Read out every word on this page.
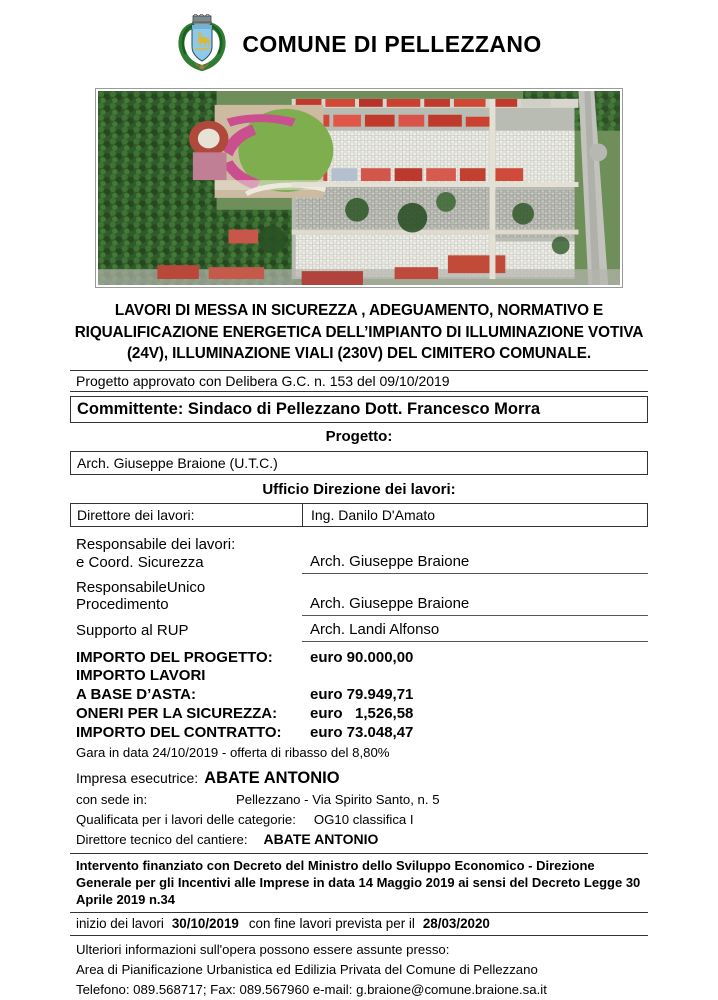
COMUNE DI PELLEZZANO
LAVORI DI MESSA IN SICUREZZA , ADEGUAMENTO, NORMATIVO E RIQUALIFICAZIONE ENERGETICA DELL’IMPIANTO DI ILLUMINAZIONE VOTIVA (24V), ILLUMINAZIONE VIALI (230V) DEL CIMITERO COMUNALE.
Progetto approvato con Delibera G.C. n. 153 del 09/10/2019
Committente: Sindaco di Pellezzano Dott. Francesco Morra
Progetto:
Arch. Giuseppe Braione (U.T.C.)
Ufficio Direzione dei lavori:
Direttore dei lavori:	Ing. Danilo D'Amato
Responsabile dei lavori:
e Coord. Sicurezza	Arch. Giuseppe Braione
ResponsabileUnico
Procedimento	Arch. Giuseppe Braione
Supporto al RUP	Arch. Landi Alfonso
IMPORTO DEL PROGETTO:	euro 90.000,00
IMPORTO LAVORI
A BASE D’ASTA:	euro 79.949,71
ONERI PER LA SICUREZZA:	euro   1,526,58
IMPORTO DEL CONTRATTO:	euro 73.048,47
Gara in data 24/10/2019 - offerta di ribasso del 8,80%
Impresa esecutrice: ABATE ANTONIO
con sede in:	Pellezzano - Via Spirito Santo, n. 5
Qualificata per i lavori delle categorie: OG10 classifica I
Direttore tecnico del cantiere: ABATE ANTONIO
Intervento finanziato con Decreto del Ministro dello Sviluppo Economico - Direzione Generale per gli Incentivi alle Imprese in data 14 Maggio 2019 ai sensi del Decreto Legge 30 Aprile 2019 n.34
inizio dei lavori 30/10/2019 con fine lavori prevista per il 28/03/2020
Ulteriori informazioni sull'opera possono essere assunte presso:
Area di Pianificazione Urbanistica ed Edilizia Privata del Comune di Pellezzano
Telefono: 089.568717; Fax: 089.567960 e-mail: g.braione@comune.braione.sa.it
